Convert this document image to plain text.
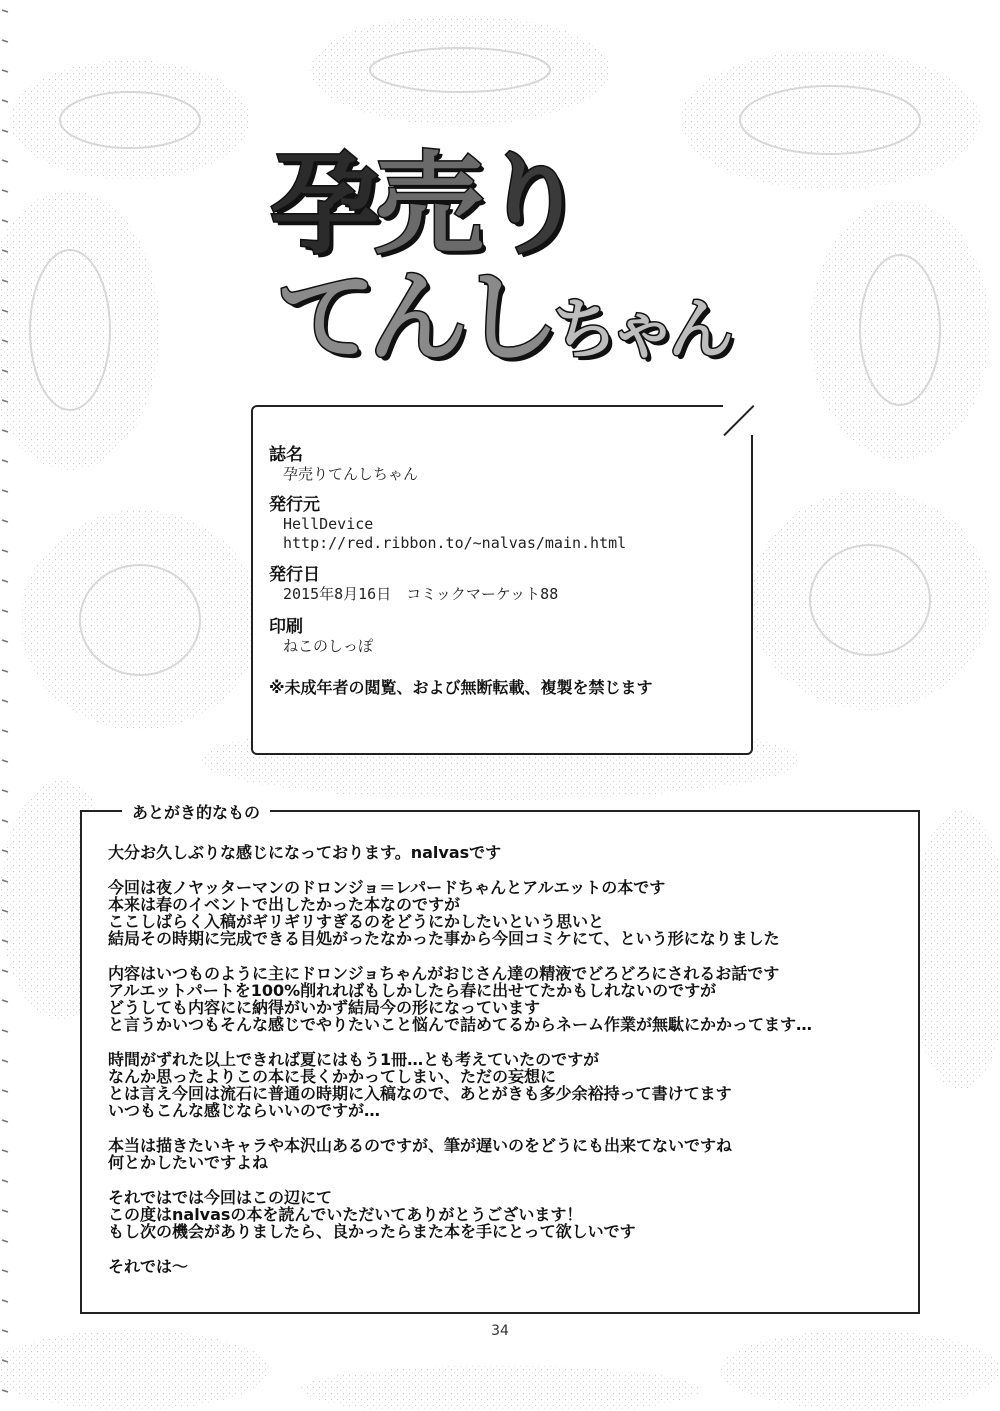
孕売り
てんしちゃん
誌名
孕売りてんしちゃん
発行元
HellDevice
http://red.ribbon.to/~nalvas/main.html
発行日
2015年8月16日　コミックマーケット88
印刷
ねこのしっぽ
※未成年者の閲覧、および無断転載、複製を禁じます
あとがき的なもの
大分お久しぶりな感じになっております。nalvasです
今回は夜ノヤッターマンのドロンジョ＝レパードちゃんとアルエットの本です
本来は春のイベントで出したかった本なのですが
ここしばらく入稿がギリギリすぎるのをどうにかしたいという思いと
結局その時期に完成できる目処がったなかった事から今回コミケにて、という形になりました
内容はいつものように主にドロンジョちゃんがおじさん達の精液でどろどろにされるお話です
アルエットパートを100%削れればもしかしたら春に出せてたかもしれないのですが
どうしても内容にに納得がいかず結局今の形になっています
と言うかいつもそんな感じでやりたいこと悩んで詰めてるからネーム作業が無駄にかかってます…
時間がずれた以上できれば夏にはもう1冊…とも考えていたのですが
なんか思ったよりこの本に長くかかってしまい、ただの妄想に
とは言え今回は流石に普通の時期に入稿なので、あとがきも多少余裕持って書けてます
いつもこんな感じならいいのですが…
本当は描きたいキャラや本沢山あるのですが、筆が遅いのをどうにも出来てないですね
何とかしたいですよね
それではでは今回はこの辺にて
この度はnalvasの本を読んでいただいてありがとうございます！
もし次の機会がありましたら、良かったらまた本を手にとって欲しいです
それでは～
34
